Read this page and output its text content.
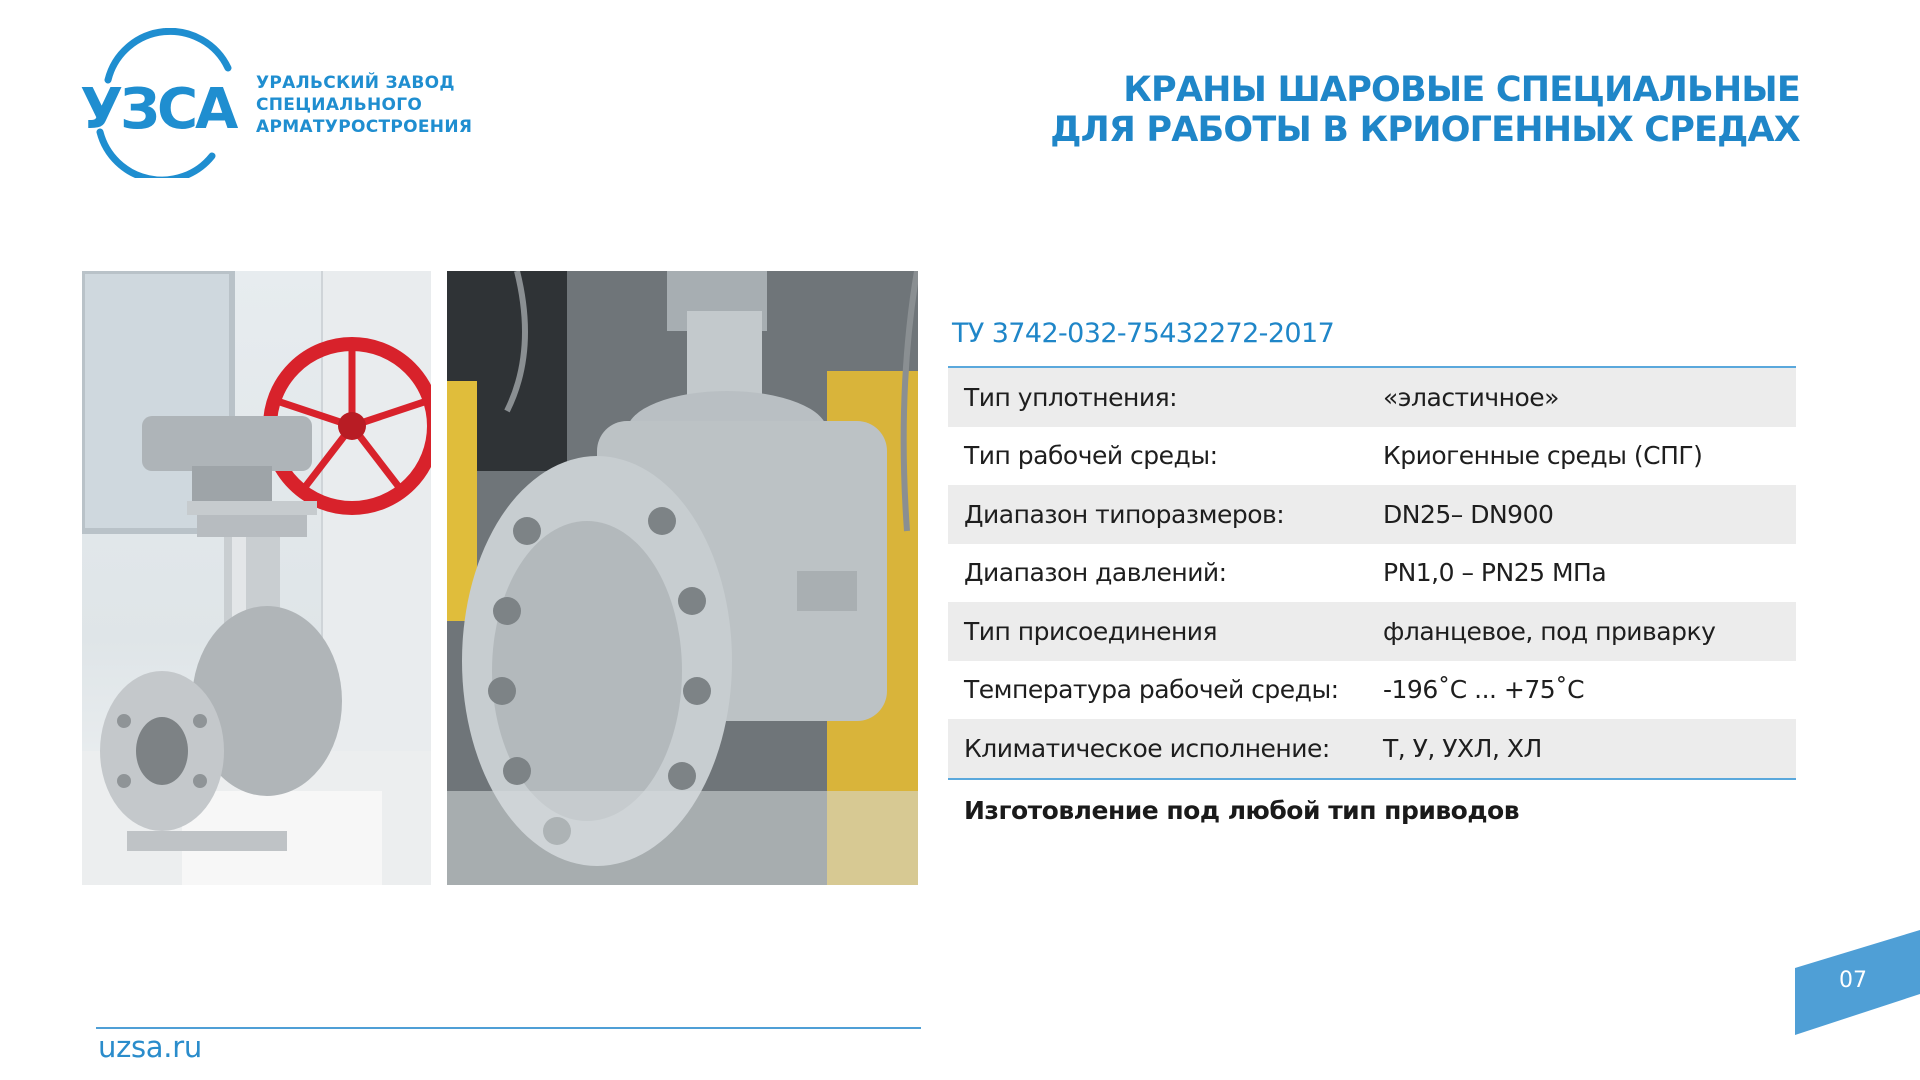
УЗСА УРАЛЬСКИЙ ЗАВОД
СПЕЦИАЛЬНОГО
АРМАТУРОСТРОЕНИЯ
КРАНЫ ШАРОВЫЕ СПЕЦИАЛЬНЫЕ
ДЛЯ РАБОТЫ В КРИОГЕННЫХ СРЕДАХ
ТУ 3742-032-75432272-2017
Тип уплотнения:	«эластичное»
Тип рабочей среды:	Криогенные среды (СПГ)
Диапазон типоразмеров:	DN25– DN900
Диапазон давлений:	PN1,0 – PN25 МПа
Тип присоединения	фланцевое, под приварку
Температура рабочей среды:	-196˚С ... +75˚С
Климатическое исполнение:	Т, У, УХЛ, ХЛ
Изготовление под любой тип приводов
uzsa.ru
07
